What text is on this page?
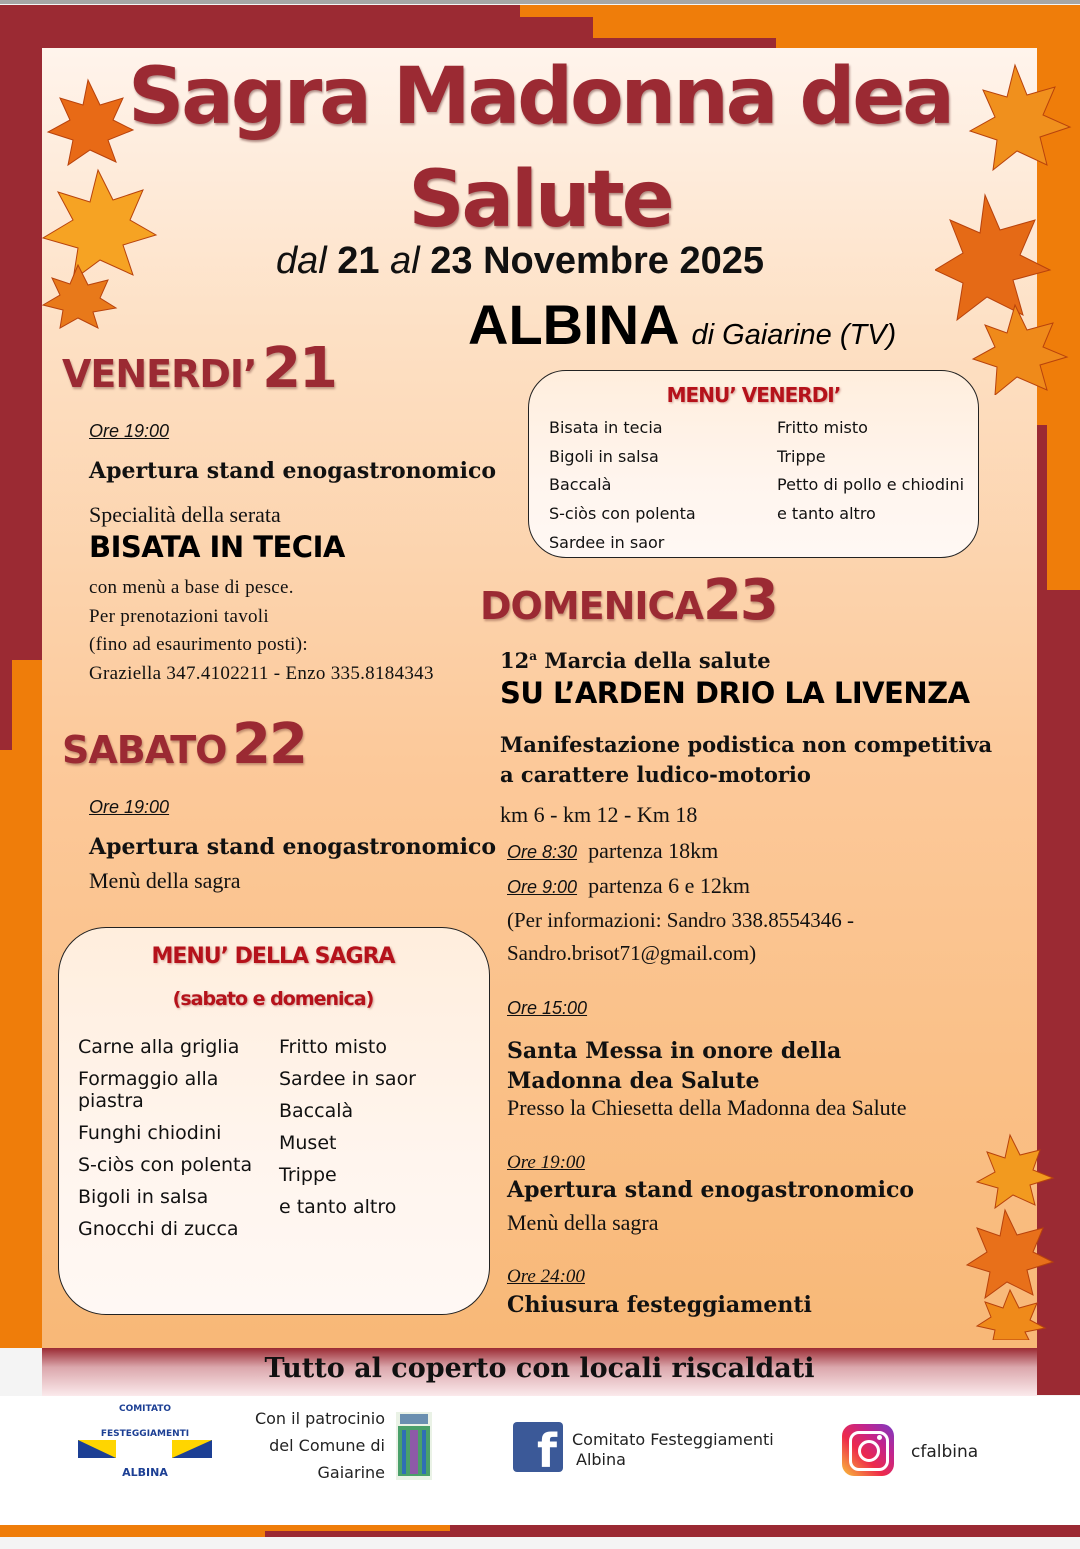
Sagra Madonna dea
Salute
dal 21 al 23 Novembre 2025
ALBINA di Gaiarine (TV)
VENERDI’ 21
Ore 19:00
Apertura stand enogastronomico
Specialità della serata
BISATA IN TECIA
con menù a base di pesce.
Per prenotazioni tavoli
(fino ad esaurimento posti):
Graziella 347.4102211 - Enzo 335.8184343
MENU’ VENERDI’
Bisata in tecia
Bigoli in salsa
Baccalà
S-ciòs con polenta
Sardee in saor
Fritto misto
Trippe
Petto di pollo e chiodini
e tanto altro
SABATO 22
Ore 19:00
Apertura stand enogastronomico
Menù della sagra
MENU’ DELLA SAGRA
(sabato e domenica)
Carne alla griglia
Formaggio alla piastra
Funghi chiodini
S-ciòs con polenta
Bigoli in salsa
Gnocchi di zucca
Fritto misto
Sardee in saor
Baccalà
Muset
Trippe
e tanto altro
DOMENICA23
12$^a$ Marcia della salute
SU L’ARDEN DRIO LA LIVENZA
Manifestazione podistica non competitiva
a carattere ludico-motorio
km 6 - km 12 - Km 18
Ore 8:30 partenza 18km
Ore 9:00 partenza 6 e 12km
(Per informazioni: Sandro 338.8554346 -
Sandro.brisot71@gmail.com)
Ore 15:00
Santa Messa in onore della
Madonna dea Salute
Presso la Chiesetta della Madonna dea Salute
Ore 19:00
Apertura stand enogastronomico
Menù della sagra
Ore 24:00
Chiusura festeggiamenti
Tutto al coperto con locali riscaldati
COMITATO
FESTEGGIAMENTI
ALBINA
Con il patrocinio
del Comune di
Gaiarine	f Comitato Festeggiamenti
Albina	cfalbina
